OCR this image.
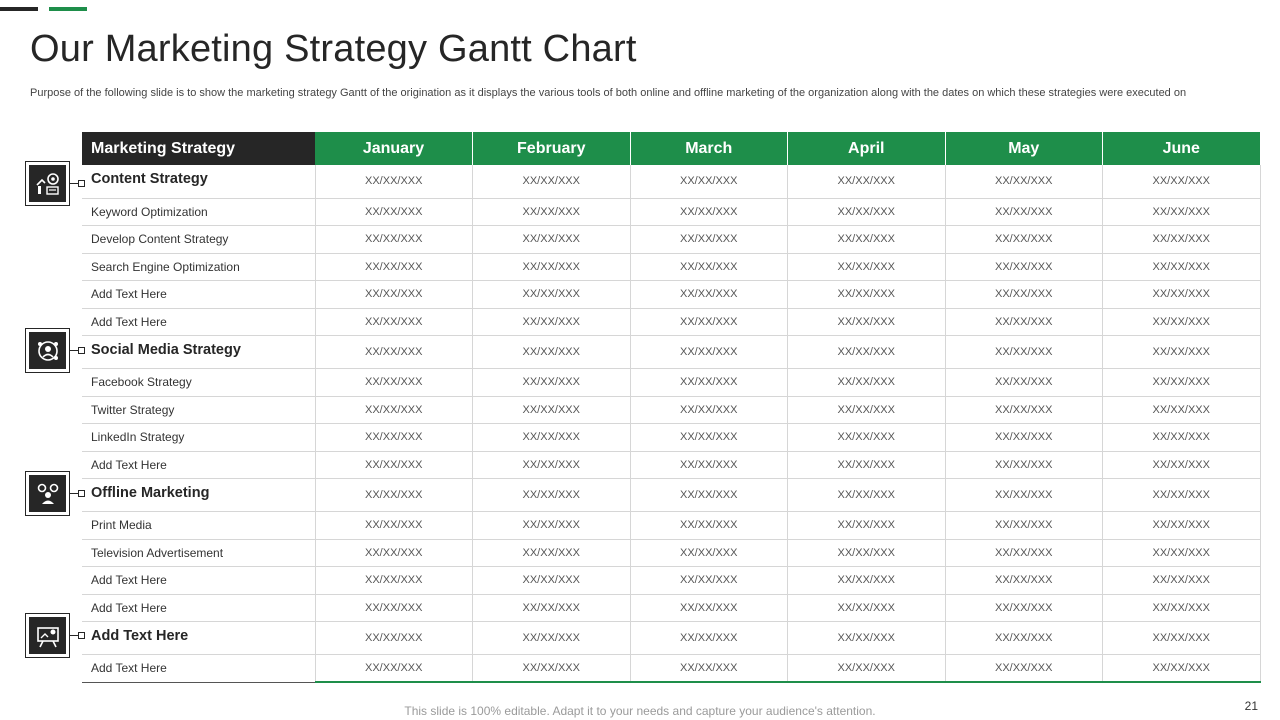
Our Marketing Strategy Gantt Chart
Purpose of the following slide is to show the marketing strategy Gantt of the origination as it displays the various tools of both online and offline marketing of the organization along with the dates on which these strategies were executed on
Marketing Strategy	January	February	March	April	May	June
Content Strategy	XX/XX/XXX	XX/XX/XXX	XX/XX/XXX	XX/XX/XXX	XX/XX/XXX	XX/XX/XXX
Keyword Optimization	XX/XX/XXX	XX/XX/XXX	XX/XX/XXX	XX/XX/XXX	XX/XX/XXX	XX/XX/XXX
Develop Content Strategy	XX/XX/XXX	XX/XX/XXX	XX/XX/XXX	XX/XX/XXX	XX/XX/XXX	XX/XX/XXX
Search Engine Optimization	XX/XX/XXX	XX/XX/XXX	XX/XX/XXX	XX/XX/XXX	XX/XX/XXX	XX/XX/XXX
Add Text Here	XX/XX/XXX	XX/XX/XXX	XX/XX/XXX	XX/XX/XXX	XX/XX/XXX	XX/XX/XXX
Add Text Here	XX/XX/XXX	XX/XX/XXX	XX/XX/XXX	XX/XX/XXX	XX/XX/XXX	XX/XX/XXX
Social Media Strategy	XX/XX/XXX	XX/XX/XXX	XX/XX/XXX	XX/XX/XXX	XX/XX/XXX	XX/XX/XXX
Facebook Strategy	XX/XX/XXX	XX/XX/XXX	XX/XX/XXX	XX/XX/XXX	XX/XX/XXX	XX/XX/XXX
Twitter Strategy	XX/XX/XXX	XX/XX/XXX	XX/XX/XXX	XX/XX/XXX	XX/XX/XXX	XX/XX/XXX
LinkedIn Strategy	XX/XX/XXX	XX/XX/XXX	XX/XX/XXX	XX/XX/XXX	XX/XX/XXX	XX/XX/XXX
Add Text Here	XX/XX/XXX	XX/XX/XXX	XX/XX/XXX	XX/XX/XXX	XX/XX/XXX	XX/XX/XXX
Offline Marketing	XX/XX/XXX	XX/XX/XXX	XX/XX/XXX	XX/XX/XXX	XX/XX/XXX	XX/XX/XXX
Print Media	XX/XX/XXX	XX/XX/XXX	XX/XX/XXX	XX/XX/XXX	XX/XX/XXX	XX/XX/XXX
Television Advertisement	XX/XX/XXX	XX/XX/XXX	XX/XX/XXX	XX/XX/XXX	XX/XX/XXX	XX/XX/XXX
Add Text Here	XX/XX/XXX	XX/XX/XXX	XX/XX/XXX	XX/XX/XXX	XX/XX/XXX	XX/XX/XXX
Add Text Here	XX/XX/XXX	XX/XX/XXX	XX/XX/XXX	XX/XX/XXX	XX/XX/XXX	XX/XX/XXX
Add Text Here	XX/XX/XXX	XX/XX/XXX	XX/XX/XXX	XX/XX/XXX	XX/XX/XXX	XX/XX/XXX
Add Text Here	XX/XX/XXX	XX/XX/XXX	XX/XX/XXX	XX/XX/XXX	XX/XX/XXX	XX/XX/XXX
This slide is 100% editable. Adapt it to your needs and capture your audience's attention.	21
